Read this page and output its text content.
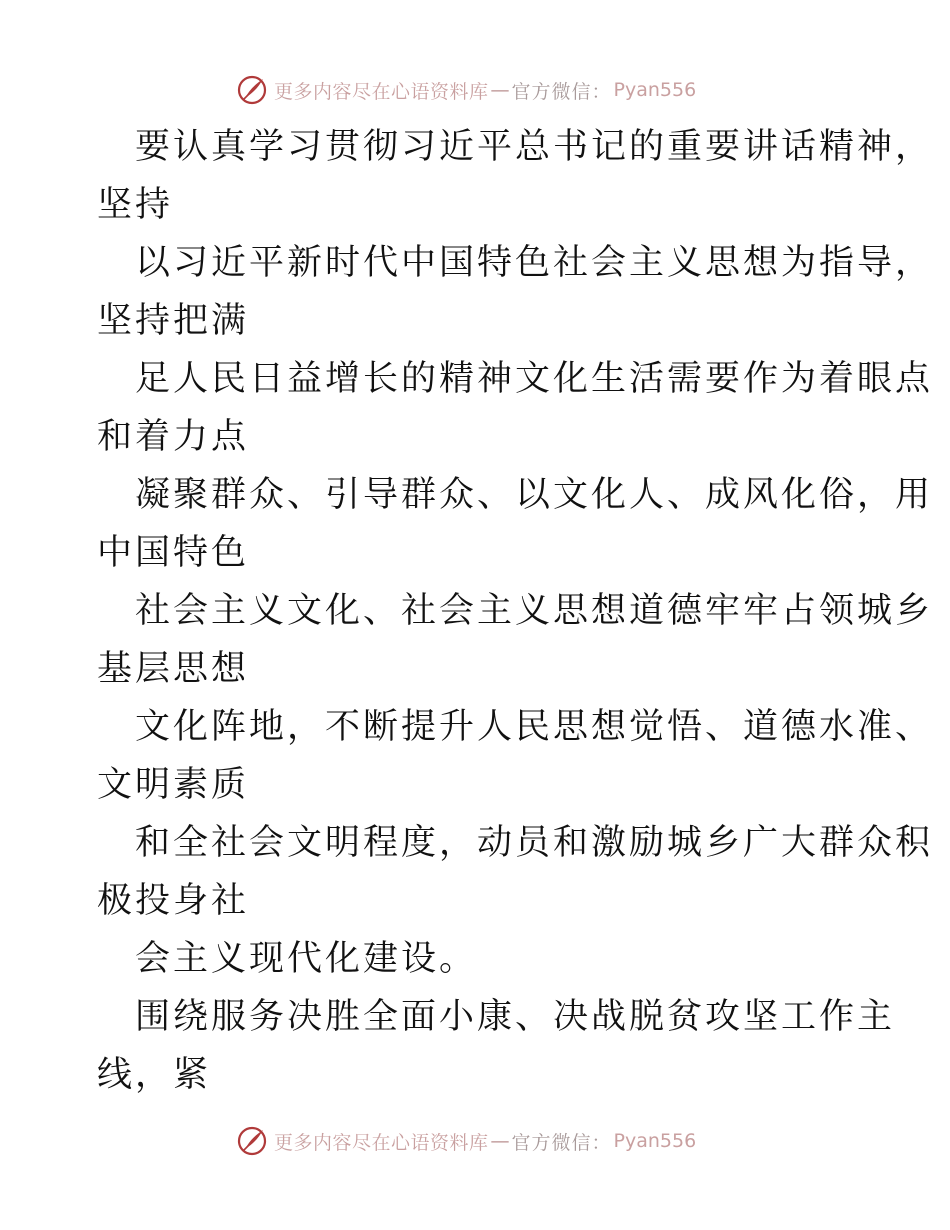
更多内容尽在心语资料库 — 官方微信： Pyan556
要认真学习贯彻习近平总书记的重要讲话精神，
坚持
以习近平新时代中国特色社会主义思想为指导，
坚持把满
足人民日益增长的精神文化生活需要作为着眼点
和着力点
凝聚群众、引导群众、以文化人、成风化俗，用
中国特色
社会主义文化、社会主义思想道德牢牢占领城乡
基层思想
文化阵地，不断提升人民思想觉悟、道德水准、
文明素质
和全社会文明程度，动员和激励城乡广大群众积
极投身社
会主义现代化建设。
围绕服务决胜全面小康、决战脱贫攻坚工作主
线，紧
更多内容尽在心语资料库 — 官方微信： Pyan556
